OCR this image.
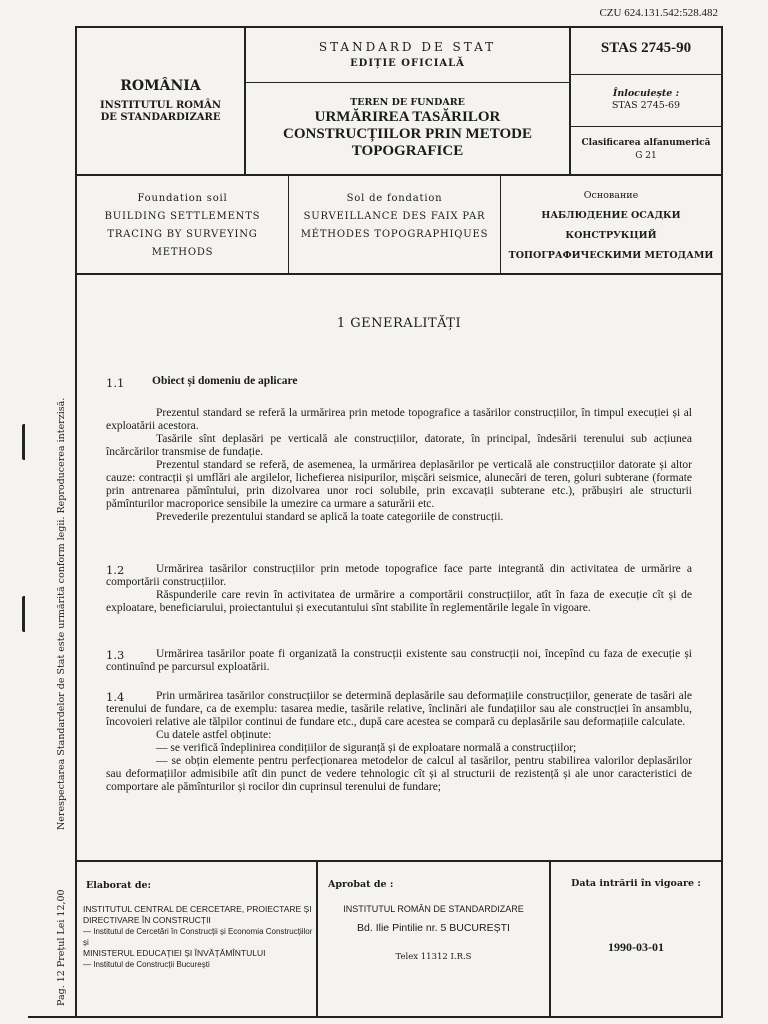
CZU 624.131.542:528.482
ROMÂNIA
INSTITUTUL ROMÂN
DE STANDARDIZARE
STANDARD DE STAT
EDIȚIE OFICIALĂ
TEREN DE FUNDARE
URMĂRIREA TASĂRILOR
CONSTRUCȚIILOR PRIN METODE
TOPOGRAFICE
STAS 2745-90
Înlocuiește :
STAS 2745-69
Clasificarea alfanumerică
G 21
Foundation soil
BUILDING SETTLEMENTS
TRACING BY SURVEYING
METHODS
Sol de fondation
SURVEILLANCE DES FAIX PAR
MÉTHODES TOPOGRAPHIQUES
Основание
НАБЛЮДЕНИЕ ОСАДКИ
КОНСТРУКЦИЙ
ТОПОГРАФИЧЕСКИМИ МЕТОДАМИ
1 GENERALITĂȚI
1.1 Obiect și domeniu de aplicare

Prezentul standard se referă la urmărirea prin metode topografice a tasărilor construcțiilor, în timpul execuției și al exploatării acestora.

Tasările sînt deplasări pe verticală ale construcțiilor, datorate, în principal, îndesării terenului sub acțiunea încărcărilor transmise de fundație.

Prezentul standard se referă, de asemenea, la urmărirea deplasărilor pe verticală ale construcțiilor datorate și altor cauze: contracții și umflări ale argilelor, lichefierea nisipurilor, mișcări seismice, alunecări de teren, goluri subterane (formate prin antrenarea pămîntului, prin dizolvarea unor roci solubile, prin excavații subterane etc.), prăbușiri ale structurii pămînturilor macroporice sensibile la umezire ca urmare a saturării etc.

Prevederile prezentului standard se aplică la toate categoriile de construcții.

1.2	Urmărirea tasărilor construcțiilor prin metode topografice face parte integrantă din activitatea de urmărire a comportării construcțiilor.

Răspunderile care revin în activitatea de urmărire a comportării construcțiilor, atît în faza de execuție cît și de exploatare, beneficiarului, proiectantului și executantului sînt stabilite în reglementările legale în vigoare.

1.3	Urmărirea tasărilor poate fi organizată la construcții existente sau construcții noi, începînd cu faza de execuție și continuînd pe parcursul exploatării.

1.4	Prin urmărirea tasărilor construcțiilor se determină deplasările sau deformațiile construcțiilor, generate de tasări ale terenului de fundare, ca de exemplu: tasarea medie, tasările relative, înclinări ale fundațiilor sau ale construcției în ansamblu, încovoieri relative ale tălpilor continui de fundare etc., după care acestea se compară cu deplasările sau deformațiile calculate.

Cu datele astfel obținute:

— se verifică îndeplinirea condițiilor de siguranță și de exploatare normală a construcțiilor;

— se obțin elemente pentru perfecționarea metodelor de calcul al tasărilor, pentru stabilirea valorilor deplasărilor sau deformațiilor admisibile atît din punct de vedere tehnologic cît și al structurii de rezistență și ale unor caracteristici de comportare ale pămînturilor și rocilor din cuprinsul terenului de fundare;

Elaborat de:
INSTITUTUL CENTRAL DE CERCETARE, PROIECTARE ȘI DIRECTIVARE ÎN CONSTRUCȚII
— Institutul de Cercetări în Construcții și Economia Construcțiilor și
MINISTERUL EDUCAȚIEI ȘI ÎNVĂȚĂMÎNTULUI
— Institutul de Construcții București
Aprobat de :
INSTITUTUL ROMÂN DE STANDARDIZARE
Bd. Ilie Pintilie nr. 5 BUCUREȘTI
Telex 11312 I.R.S
Data intrării în vigoare :
1990-03-01
Nerespectarea Standardelor de Stat este urmărită conform legii. Reproducerea interzisă.
Pag. 12 Prețul Lei 12,00
